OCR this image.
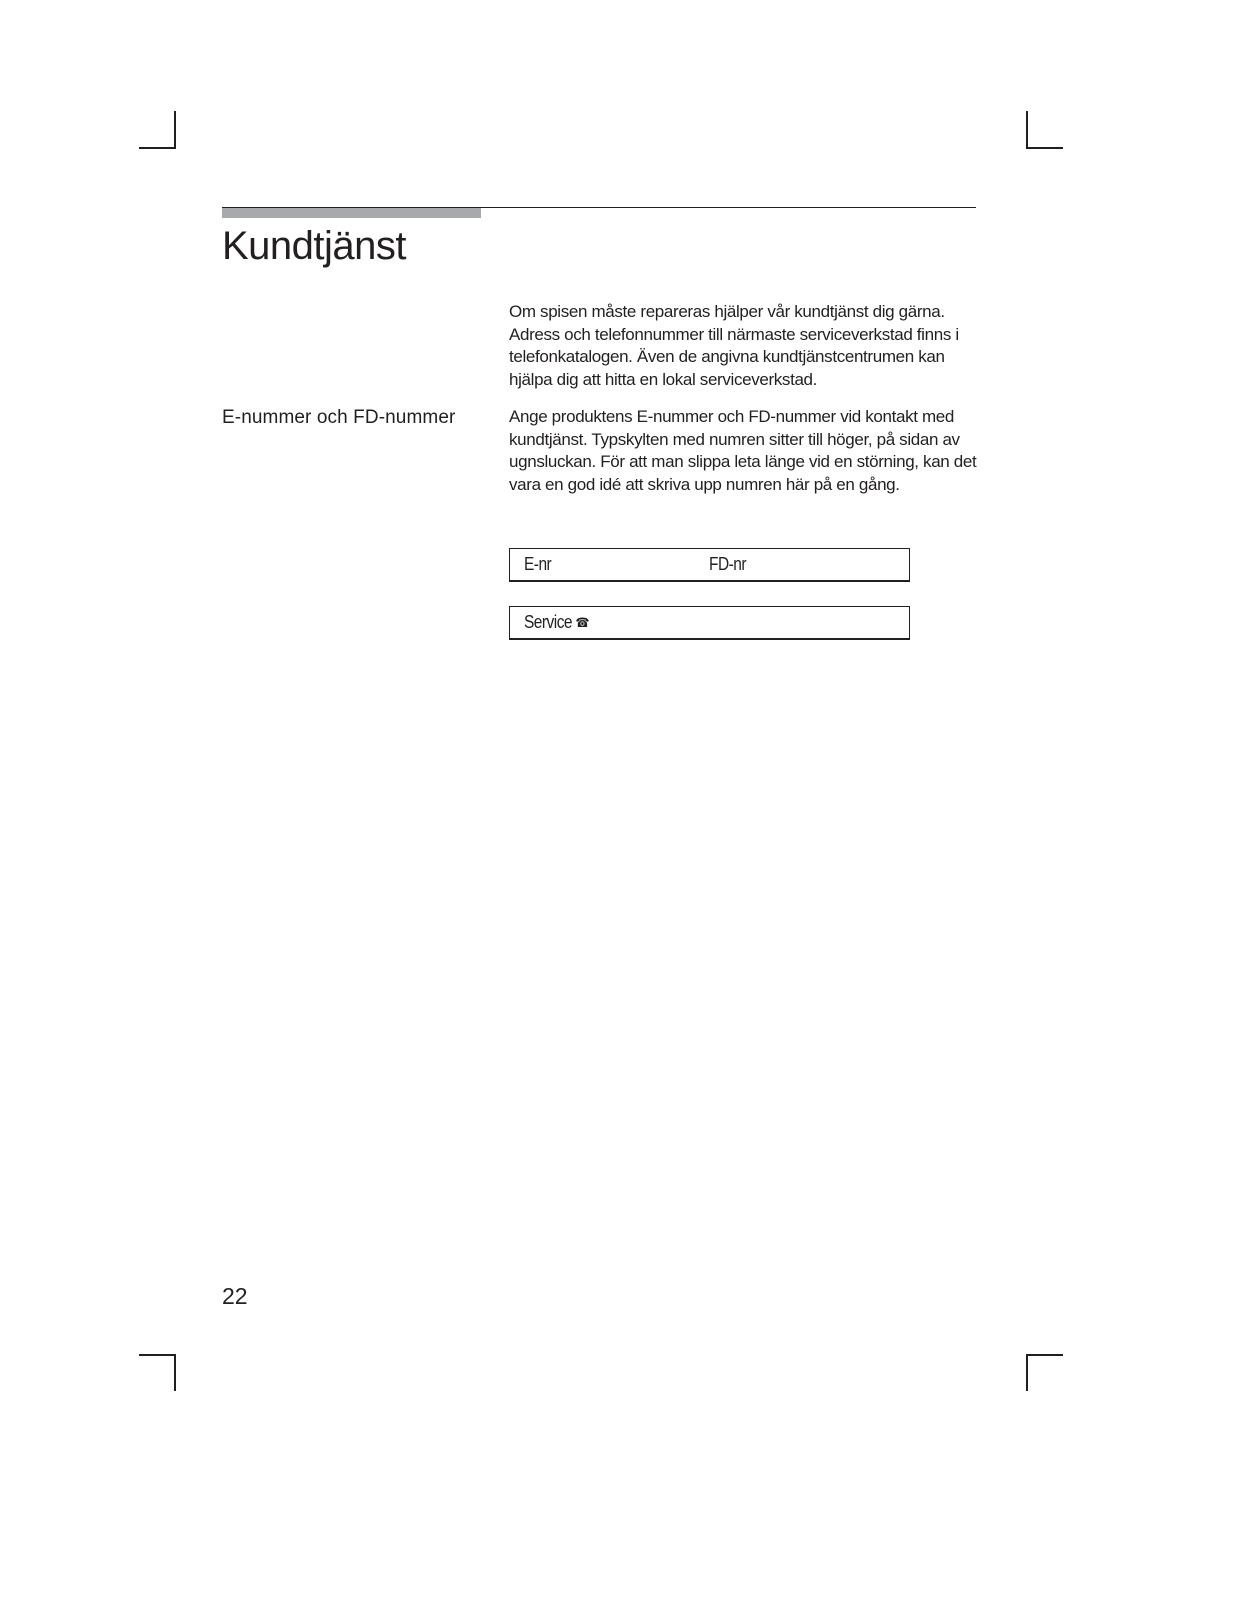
Kundtjänst

Om spisen måste repareras hjälper vår kundtjänst dig gärna. Adress och telefonnummer till närmaste serviceverkstad finns i telefonkatalogen. Även de angivna kundtjänstcentrumen kan hjälpa dig att hitta en lokal serviceverkstad.

E-nummer och FD-nummer	Ange produktens E-nummer och FD-nummer vid kontakt med kundtjänst. Typskylten med numren sitter till höger, på sidan av ugnsluckan. För att man slippa leta länge vid en störning, kan det vara en god idé att skriva upp numren här på en gång.

E-nr	FD-nr
Service ☎

22
